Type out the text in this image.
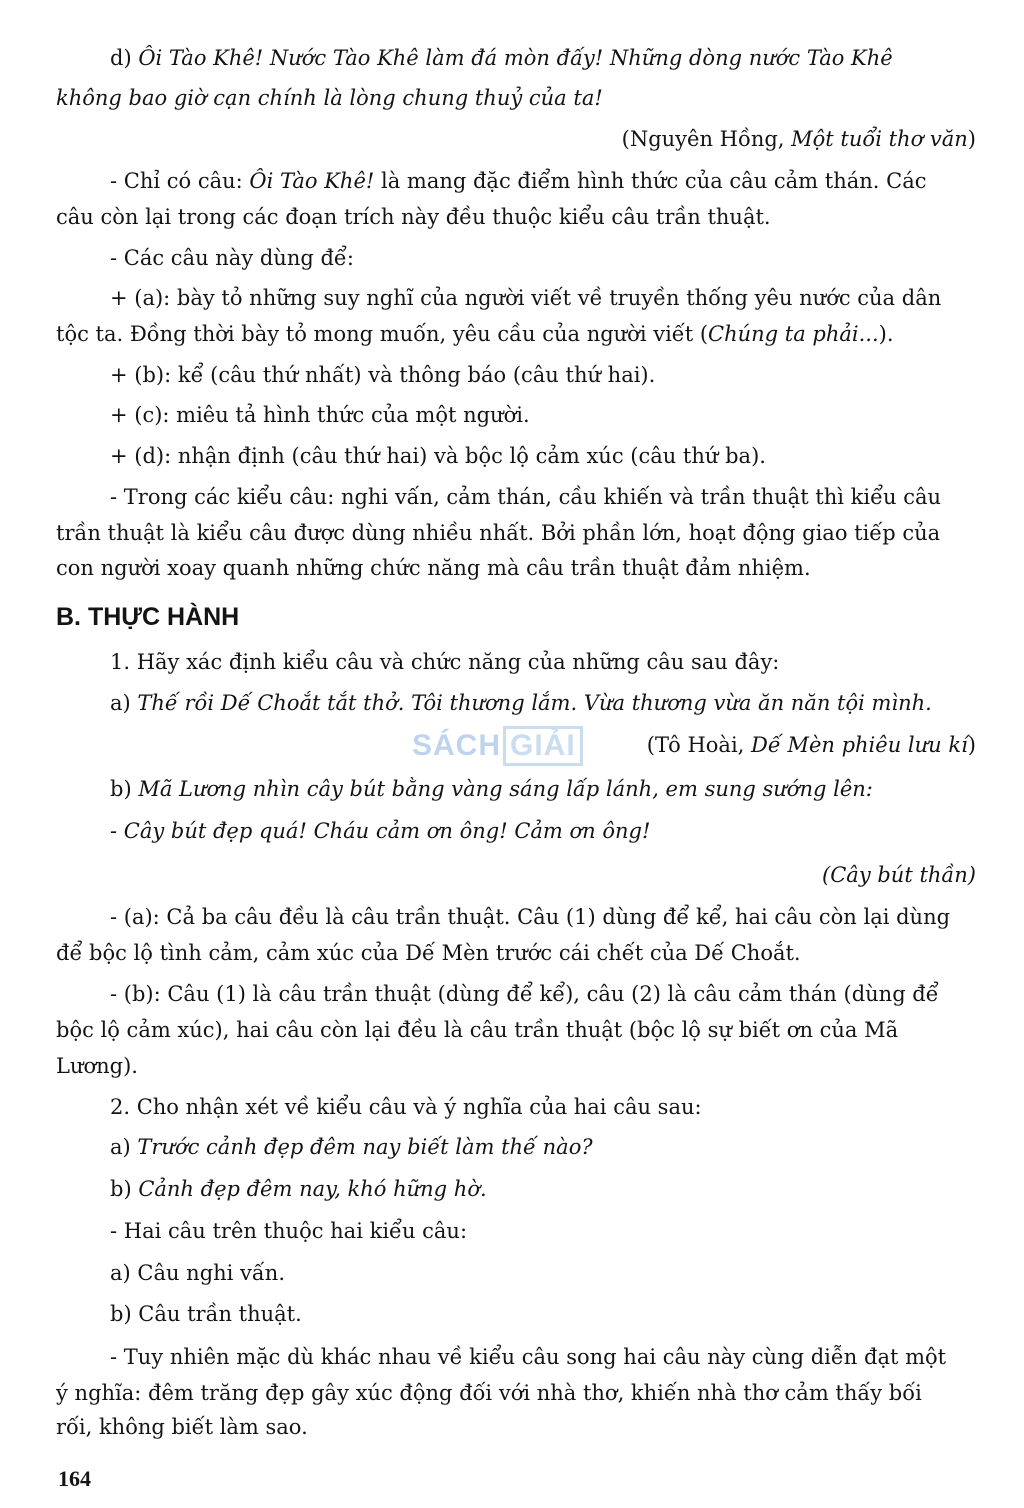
d) Ôi Tào Khê! Nước Tào Khê làm đá mòn đấy! Những dòng nước Tào Khê
không bao giờ cạn chính là lòng chung thuỷ của ta!
(Nguyên Hồng, Một tuổi thơ văn)
- Chỉ có câu: Ôi Tào Khê! là mang đặc điểm hình thức của câu cảm thán. Các
câu còn lại trong các đoạn trích này đều thuộc kiểu câu trần thuật.
- Các câu này dùng để:
+ (a): bày tỏ những suy nghĩ của người viết về truyền thống yêu nước của dân
tộc ta. Đồng thời bày tỏ mong muốn, yêu cầu của người viết (Chúng ta phải...).
+ (b): kể (câu thứ nhất) và thông báo (câu thứ hai).
+ (c): miêu tả hình thức của một người.
+ (d): nhận định (câu thứ hai) và bộc lộ cảm xúc (câu thứ ba).
- Trong các kiểu câu: nghi vấn, cảm thán, cầu khiến và trần thuật thì kiểu câu
trần thuật là kiểu câu được dùng nhiều nhất. Bởi phần lớn, hoạt động giao tiếp của
con người xoay quanh những chức năng mà câu trần thuật đảm nhiệm.
B. THỰC HÀNH
1. Hãy xác định kiểu câu và chức năng của những câu sau đây:
a) Thế rồi Dế Choắt tắt thở. Tôi thương lắm. Vừa thương vừa ăn năn tội mình.
SÁCH GIẢI	(Tô Hoài, Dế Mèn phiêu lưu kí)
b) Mã Lương nhìn cây bút bằng vàng sáng lấp lánh, em sung sướng lên:
- Cây bút đẹp quá! Cháu cảm ơn ông! Cảm ơn ông!
(Cây bút thần)
- (a): Cả ba câu đều là câu trần thuật. Câu (1) dùng để kể, hai câu còn lại dùng
để bộc lộ tình cảm, cảm xúc của Dế Mèn trước cái chết của Dế Choắt.
- (b): Câu (1) là câu trần thuật (dùng để kể), câu (2) là câu cảm thán (dùng để
bộc lộ cảm xúc), hai câu còn lại đều là câu trần thuật (bộc lộ sự biết ơn của Mã
Lương).
2. Cho nhận xét về kiểu câu và ý nghĩa của hai câu sau:
a) Trước cảnh đẹp đêm nay biết làm thế nào?
b) Cảnh đẹp đêm nay, khó hững hờ.
- Hai câu trên thuộc hai kiểu câu:
a) Câu nghi vấn.
b) Câu trần thuật.
- Tuy nhiên mặc dù khác nhau về kiểu câu song hai câu này cùng diễn đạt một
ý nghĩa: đêm trăng đẹp gây xúc động đối với nhà thơ, khiến nhà thơ cảm thấy bối
rối, không biết làm sao.
164
